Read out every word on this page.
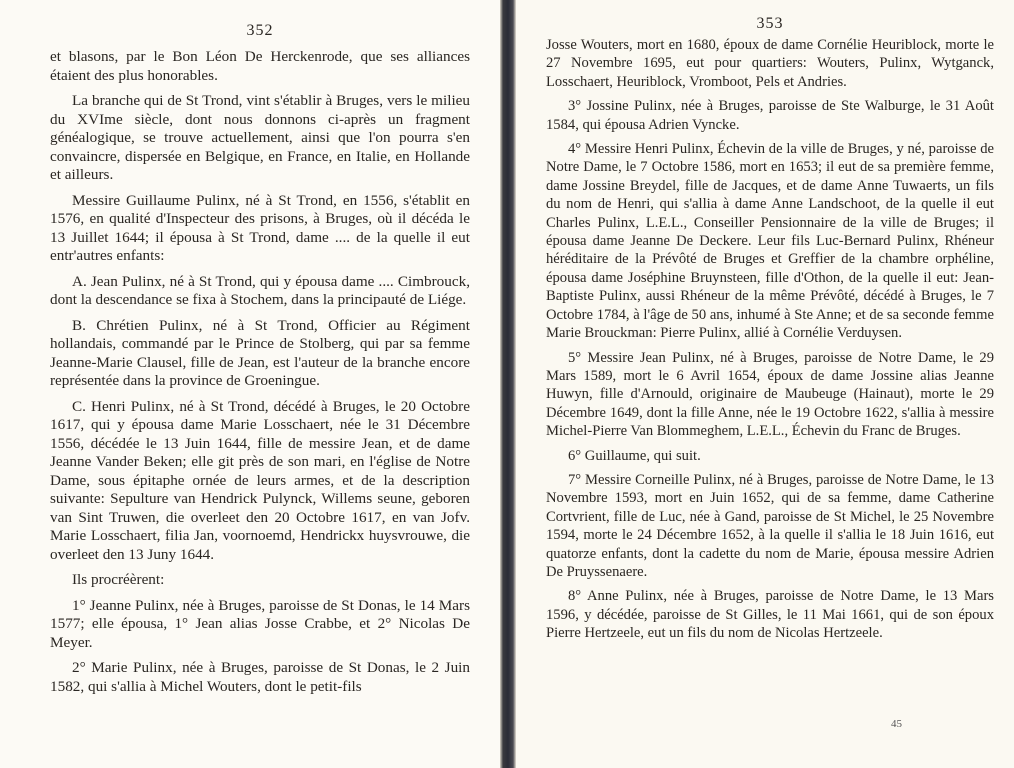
352

et blasons, par le Bon Léon De Herckenrode, que ses alliances étaient des plus honorables.

La branche qui de St Trond, vint s'établir à Bruges, vers le milieu du XVIme siècle, dont nous donnons ci-après un fragment généalogique, se trouve actuellement, ainsi que l'on pourra s'en convaincre, dispersée en Belgique, en France, en Italie, en Hollande et ailleurs.

Messire Guillaume Pulinx, né à St Trond, en 1556, s'établit en 1576, en qualité d'Inspecteur des prisons, à Bruges, où il décéda le 13 Juillet 1644; il épousa à St Trond, dame .... de la quelle il eut entr'autres enfants:

A. Jean Pulinx, né à St Trond, qui y épousa dame .... Cimbrouck, dont la descendance se fixa à Stochem, dans la principauté de Liége.

B. Chrétien Pulinx, né à St Trond, Officier au Régiment hollandais, commandé par le Prince de Stolberg, qui par sa femme Jeanne-Marie Clausel, fille de Jean, est l'auteur de la branche encore représentée dans la province de Groeningue.

C. Henri Pulinx, né à St Trond, décédé à Bruges, le 20 Octobre 1617, qui y épousa dame Marie Losschaert, née le 31 Décembre 1556, décédée le 13 Juin 1644, fille de messire Jean, et de dame Jeanne Vander Beken; elle git près de son mari, en l'église de Notre Dame, sous épitaphe ornée de leurs armes, et de la description suivante: Sepulture van Hendrick Pulynck, Willems seune, geboren van Sint Truwen, die overleet den 20 Octobre 1617, en van Jofv. Marie Losschaert, filia Jan, voornoemd, Hendrickx huysvrouwe, die overleet den 13 Juny 1644.

Ils procréèrent:

1° Jeanne Pulinx, née à Bruges, paroisse de St Donas, le 14 Mars 1577; elle épousa, 1° Jean alias Josse Crabbe, et 2° Nicolas De Meyer.

2° Marie Pulinx, née à Bruges, paroisse de St Donas, le 2 Juin 1582, qui s'allia à Michel Wouters, dont le petit-fils

353

Josse Wouters, mort en 1680, époux de dame Cornélie Heuriblock, morte le 27 Novembre 1695, eut pour quartiers: Wouters, Pulinx, Wytganck, Losschaert, Heuriblock, Vromboot, Pels et Andries.

3° Jossine Pulinx, née à Bruges, paroisse de Ste Walburge, le 31 Août 1584, qui épousa Adrien Vyncke.

4° Messire Henri Pulinx, Échevin de la ville de Bruges, y né, paroisse de Notre Dame, le 7 Octobre 1586, mort en 1653; il eut de sa première femme, dame Jossine Breydel, fille de Jacques, et de dame Anne Tuwaerts, un fils du nom de Henri, qui s'allia à dame Anne Landschoot, de la quelle il eut Charles Pulinx, L.E.L., Conseiller Pensionnaire de la ville de Bruges; il épousa dame Jeanne De Deckere. Leur fils Luc-Bernard Pulinx, Rhéneur héréditaire de la Prévôté de Bruges et Greffier de la chambre orphéline, épousa dame Joséphine Bruynsteen, fille d'Othon, de la quelle il eut: Jean-Baptiste Pulinx, aussi Rhéneur de la même Prévôté, décédé à Bruges, le 7 Octobre 1784, à l'âge de 50 ans, inhumé à Ste Anne; et de sa seconde femme Marie Brouckman: Pierre Pulinx, allié à Cornélie Verduysen.

5° Messire Jean Pulinx, né à Bruges, paroisse de Notre Dame, le 29 Mars 1589, mort le 6 Avril 1654, époux de dame Jossine alias Jeanne Huwyn, fille d'Arnould, originaire de Maubeuge (Hainaut), morte le 29 Décembre 1649, dont la fille Anne, née le 19 Octobre 1622, s'allia à messire Michel-Pierre Van Blommeghem, L.E.L., Échevin du Franc de Bruges.

6° Guillaume, qui suit.

7° Messire Corneille Pulinx, né à Bruges, paroisse de Notre Dame, le 13 Novembre 1593, mort en Juin 1652, qui de sa femme, dame Catherine Cortvrient, fille de Luc, née à Gand, paroisse de St Michel, le 25 Novembre 1594, morte le 24 Décembre 1652, à la quelle il s'allia le 18 Juin 1616, eut quatorze enfants, dont la cadette du nom de Marie, épousa messire Adrien De Pruyssenaere.

8° Anne Pulinx, née à Bruges, paroisse de Notre Dame, le 13 Mars 1596, y décédée, paroisse de St Gilles, le 11 Mai 1661, qui de son époux Pierre Hertzeele, eut un fils du nom de Nicolas Hertzeele.

45
